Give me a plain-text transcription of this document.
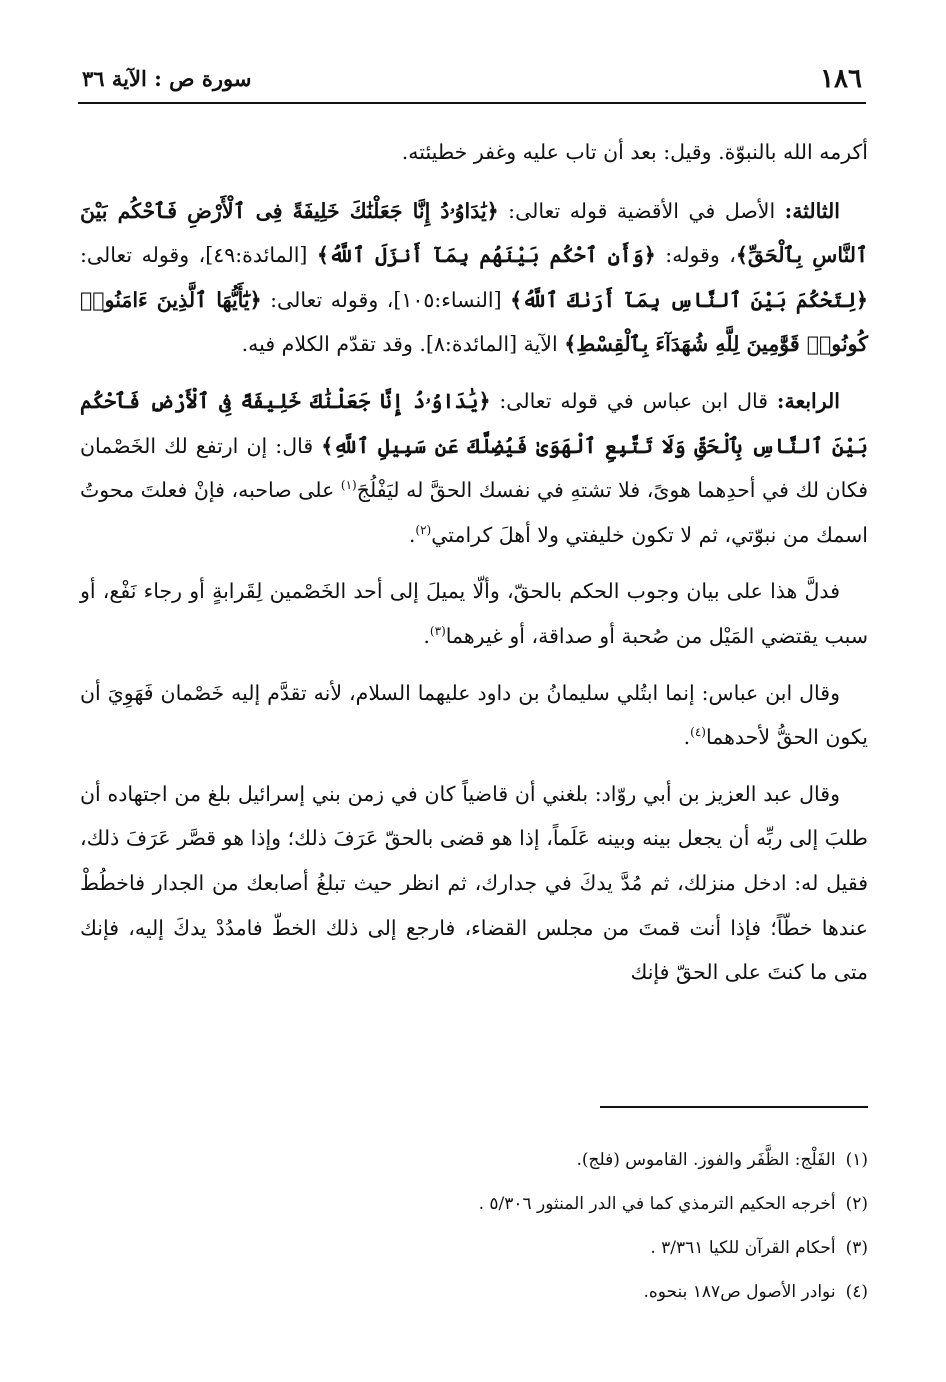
١٨٦
سورة ص : الآية ٣٦

أكرمه الله بالنبوّة. وقيل: بعد أن تاب عليه وغفر خطيئته.

الثالثة: الأصل في الأقضية قوله تعالى: ﴿يَٰدَاوُۥدُ إِنَّا جَعَلْنَٰكَ خَلِيفَةً فِى ٱلْأَرْضِ فَٱحْكُم بَيْنَ ٱلنَّاسِ بِٱلْحَقِّ﴾، وقوله: ﴿وَأَنِ ٱحْكُم بَيْنَهُم بِمَآ أَنزَلَ ٱللَّهُ﴾ [المائدة:٤٩]، وقوله تعالى: ﴿لِتَحْكُمَ بَيْنَ ٱلنَّاسِ بِمَآ أَرَىٰكَ ٱللَّهُ﴾ [النساء:١٠٥]، وقوله تعالى: ﴿يَٰٓأَيُّهَا ٱلَّذِينَ ءَامَنُوا۟ كُونُوا۟ قَوَّٰمِينَ لِلَّهِ شُهَدَآءَ بِٱلْقِسْطِ﴾ الآية [المائدة:٨]. وقد تقدّم الكلام فيه.

الرابعة: قال ابن عباس في قوله تعالى: ﴿يَٰدَاوُۥدُ إِنَّا جَعَلْنَٰكَ خَلِيفَةً فِى ٱلْأَرْضِ فَٱحْكُم بَيْنَ ٱلنَّاسِ بِٱلْحَقِّ وَلَا تَتَّبِعِ ٱلْهَوَىٰ فَيُضِلَّكَ عَن سَبِيلِ ٱللَّهِ﴾ قال: إن ارتفع لك الخَصْمان فكان لك في أحدِهما هوىً، فلا تشتهِ في نفسك الحقَّ له ليَفْلُجَ$^{(١)}$ على صاحبه، فإنْ فعلتَ محوتُ اسمك من نبوّتي، ثم لا تكون خليفتي ولا أهلَ كرامتي$^{(٢)}$.

فدلَّ هذا على بيان وجوب الحكم بالحقّ، وألّا يميلَ إلى أحد الخَصْمين لِقَرابةٍ أو رجاء نَفْع، أو سبب يقتضي المَيْل من صُحبة أو صداقة، أو غيرهما$^{(٣)}$.

وقال ابن عباس: إنما ابتُلي سليمانُ بن داود عليهما السلام، لأنه تقدَّم إليه خَصْمان فَهَوِيَ أن يكون الحقُّ لأحدهما$^{(٤)}$.

وقال عبد العزيز بن أبي روّاد: بلغني أن قاضياً كان في زمن بني إسرائيل بلغ من اجتهاده أن طلبَ إلى ربِّه أن يجعل بينه وبينه عَلَماً، إذا هو قضى بالحقّ عَرَفَ ذلك؛ وإذا هو قصَّر عَرَفَ ذلك، فقيل له: ادخل منزلك، ثم مُدَّ يدكَ في جدارك، ثم انظر حيث تبلغُ أصابعك من الجدار فاخطُطْ عندها خطّاً؛ فإذا أنت قمتَ من مجلس القضاء، فارجع إلى ذلك الخطّ فامدُدْ يدكَ إليه، فإنك متى ما كنتَ على الحقّ فإنك

(١)الفَلْج: الظَّفَر والفوز. القاموس (فلج).
(٢)أخرجه الحكيم الترمذي كما في الدر المنثور ٥/٣٠٦ .
(٣)أحكام القرآن للكيا ٣/٣٦١ .
(٤)نوادر الأصول ص١٨٧ بنحوه.
